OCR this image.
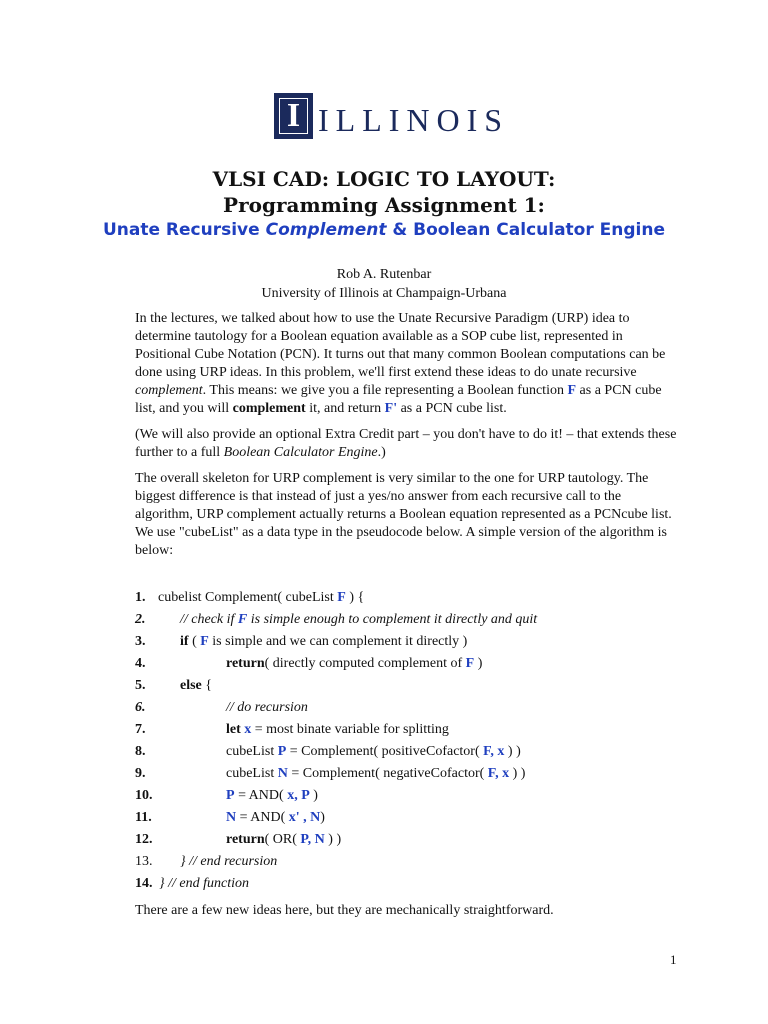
I ILLINOIS
VLSI CAD: LOGIC TO LAYOUT:
Programming Assignment 1:
Unate Recursive Complement & Boolean Calculator Engine
Rob A. Rutenbar
University of Illinois at Champaign-Urbana

In the lectures, we talked about how to use the Unate Recursive Paradigm (URP) idea to determine tautology for a Boolean equation available as a SOP cube list, represented in Positional Cube Notation (PCN). It turns out that many common Boolean computations can be done using URP ideas. In this problem, we'll first extend these ideas to do unate recursive complement. This means: we give you a file representing a Boolean function F as a PCN cube list, and you will complement it, and return F' as a PCN cube list.

(We will also provide an optional Extra Credit part – you don't have to do it! – that extends these further to a full Boolean Calculator Engine.)

The overall skeleton for URP complement is very similar to the one for URP tautology. The biggest difference is that instead of just a yes/no answer from each recursive call to the algorithm, URP complement actually returns a Boolean equation represented as a PCNcube list. We use "cubeList" as a data type in the pseudocode below. A simple version of the algorithm is below:

1. cubelist Complement( cubeList F ) {
2. // check if F is simple enough to complement it directly and quit
3. if ( F is simple and we can complement it directly )
4.	return( directly computed complement of F )
5. else {
6.	// do recursion
7.	let x = most binate variable for splitting
8.	cubeList P = Complement( positiveCofactor( F, x ) )
9.	cubeList N = Complement( negativeCofactor( F, x ) )
10.	P = AND( x, P )
11.	N = AND( x' , N)
12.	return( OR( P, N ) )
13. } // end recursion
14. } // end function

There are a few new ideas here, but they are mechanically straightforward.

1
